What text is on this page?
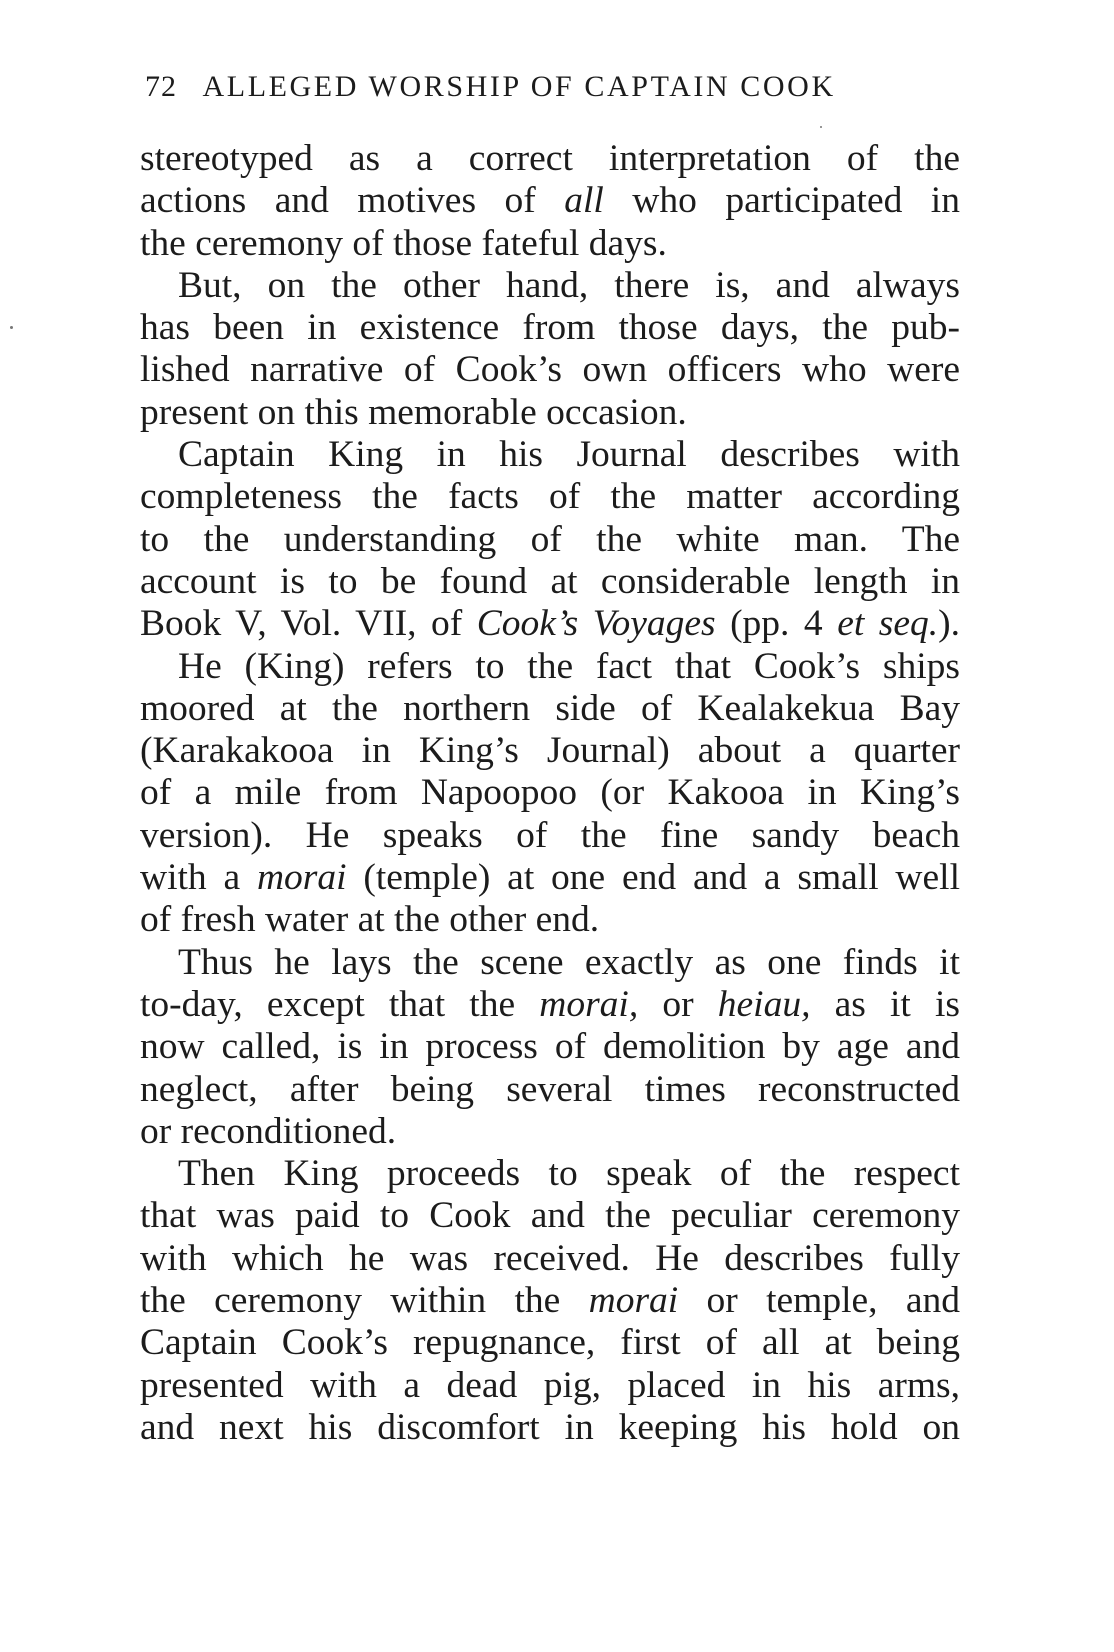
72 ALLEGED WORSHIP OF CAPTAIN COOK
stereotyped as a correct interpretation of the
actions and motives of all who participated in
the ceremony of those fateful days.
But, on the other hand, there is, and always
has been in existence from those days, the pub-
lished narrative of Cook’s own officers who were
present on this memorable occasion.
Captain King in his Journal describes with
completeness the facts of the matter according
to the understanding of the white man. The
account is to be found at considerable length in
Book V, Vol. VII, of Cook’s Voyages (pp. 4 et seq.).
He (King) refers to the fact that Cook’s ships
moored at the northern side of Kealakekua Bay
(Karakakooa in King’s Journal) about a quarter
of a mile from Napoopoo (or Kakooa in King’s
version). He speaks of the fine sandy beach
with a morai (temple) at one end and a small well
of fresh water at the other end.
Thus he lays the scene exactly as one finds it
to-day, except that the morai, or heiau, as it is
now called, is in process of demolition by age and
neglect, after being several times reconstructed
or reconditioned.
Then King proceeds to speak of the respect
that was paid to Cook and the peculiar ceremony
with which he was received. He describes fully
the ceremony within the morai or temple, and
Captain Cook’s repugnance, first of all at being
presented with a dead pig, placed in his arms,
and next his discomfort in keeping his hold on
